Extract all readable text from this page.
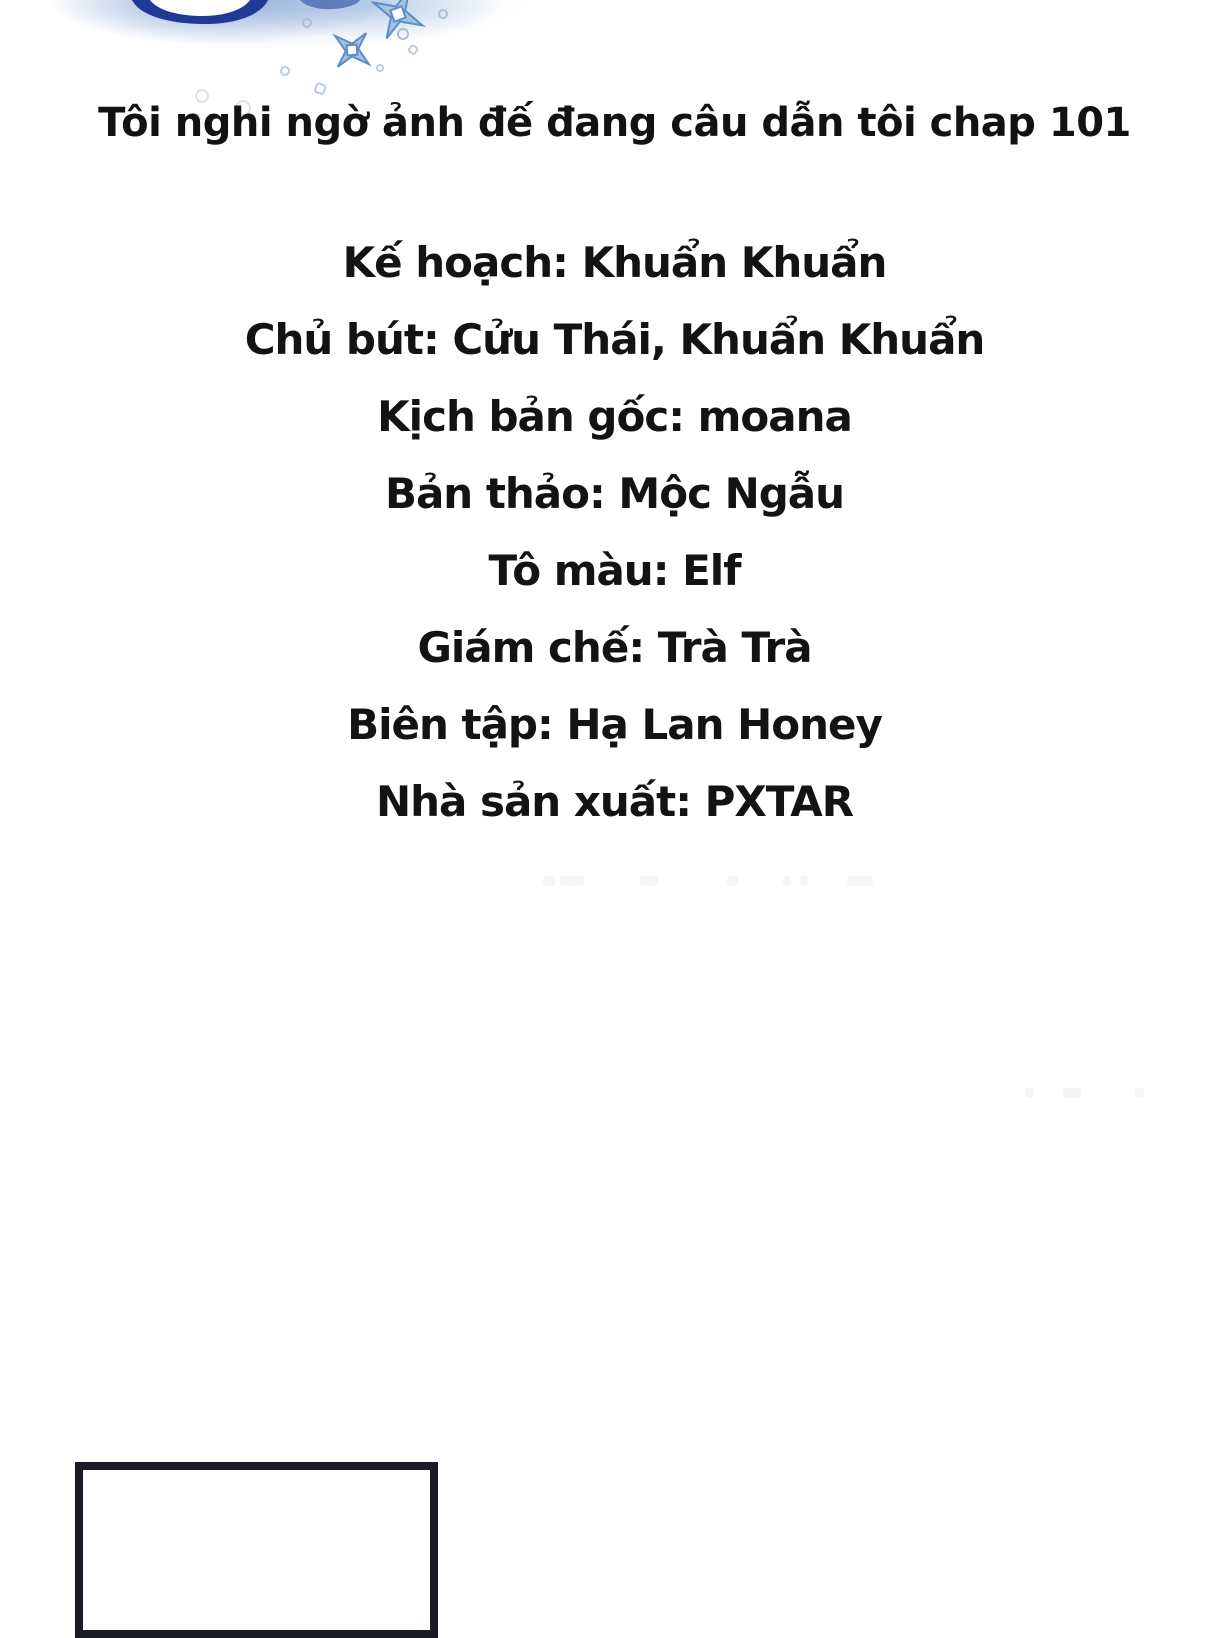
Tôi nghi ngờ ảnh đế đang câu dẫn tôi chap 101
Kế hoạch: Khuẩn Khuẩn
Chủ bút: Cửu Thái, Khuẩn Khuẩn
Kịch bản gốc: moana
Bản thảo: Mộc Ngẫu
Tô màu: Elf
Giám chế: Trà Trà
Biên tập: Hạ Lan Honey
Nhà sản xuất: PXTAR
